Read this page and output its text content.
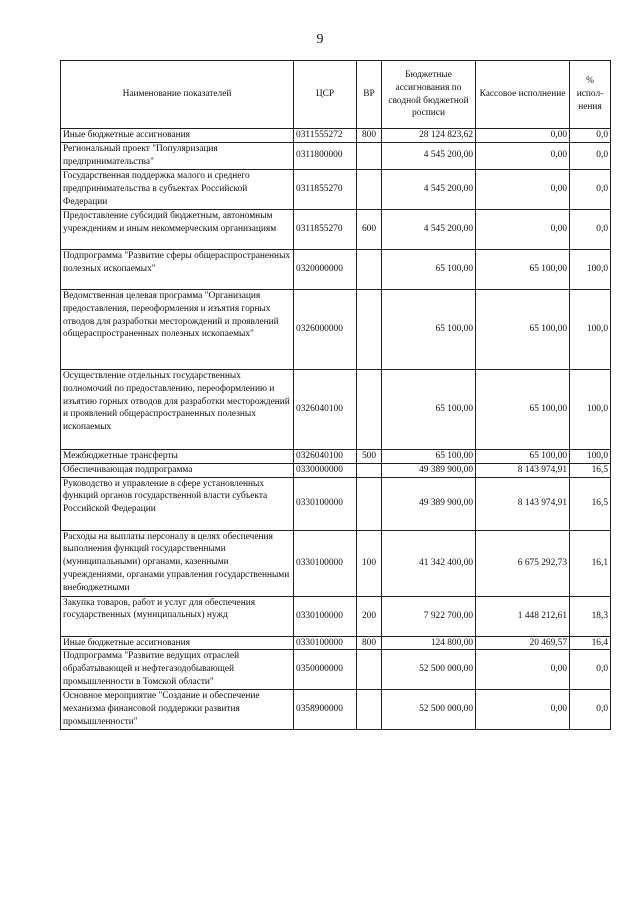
9
Наименование показателей	ЦСР	ВР	Бюджетные ассигнования по сводной бюджетной росписи	Кассовое исполнение	% испол-нения
Иные бюджетные ассигнования	0311555272	800	28 124 823,62	0,00	0,0
Региональный проект "Популяризация предпринимательства"	0311800000		4 545 200,00	0,00	0,0
Государственная поддержка малого и среднего предпринимательства в субъектах Российской Федерации	0311855270		4 545 200,00	0,00	0,0
Предоставление субсидий бюджетным, автономным учреждениям и иным некоммерческим организациям	0311855270	600	4 545 200,00	0,00	0,0
Подпрограмма "Развитие сферы общераспространенных полезных ископаемых"	0320000000		65 100,00	65 100,00	100,0
Ведомственная целевая программа "Организация предоставления, переоформления и изъятия горных отводов для разработки месторождений и проявлений общераспространенных полезных ископаемых"	0326000000		65 100,00	65 100,00	100,0
Осуществление отдельных государственных полномочий по предоставлению, переоформлению и изъятию горных отводов для разработки месторождений и проявлений общераспространенных полезных ископаемых	0326040100		65 100,00	65 100,00	100,0
Межбюджетные трансферты	0326040100	500	65 100,00	65 100,00	100,0
Обеспечивающая подпрограмма	0330000000		49 389 900,00	8 143 974,91	16,5
Руководство и управление в сфере установленных функций органов государственной власти субъекта Российской Федерации	0330100000		49 389 900,00	8 143 974,91	16,5
Расходы на выплаты персоналу в целях обеспечения выполнения функций государственными (муниципальными) органами, казенными учреждениями, органами управления государственными внебюджетными	0330100000	100	41 342 400,00	6 675 292,73	16,1
Закупка товаров, работ и услуг для обеспечения государственных (муниципальных) нужд	0330100000	200	7 922 700,00	1 448 212,61	18,3
Иные бюджетные ассигнования	0330100000	800	124 800,00	20 469,57	16,4
Подпрограмма "Развитие ведущих отраслей обрабатывающей и нефтегазодобывающей промышленности в Томской области"	0350000000		52 500 000,00	0,00	0,0
Основное мероприятие "Создание и обеспечение механизма финансовой поддержки развития промышленности"	0358900000		52 500 000,00	0,00	0,0
